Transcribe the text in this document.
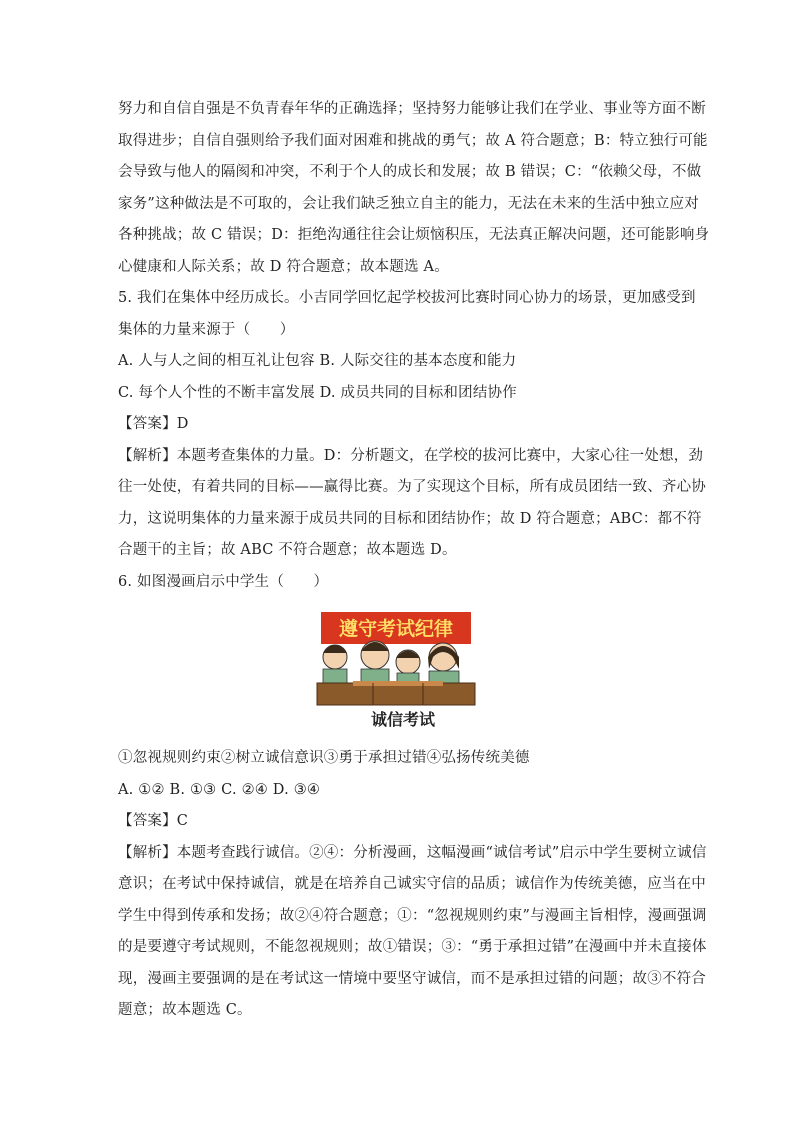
努力和自信自强是不负青春年华的正确选择；坚持努力能够让我们在学业、事业等方面不断
取得进步；自信自强则给予我们面对困难和挑战的勇气；故 A 符合题意；B：特立独行可能
会导致与他人的隔阂和冲突，不利于个人的成长和发展；故 B 错误；C：“依赖父母，不做
家务”这种做法是不可取的，会让我们缺乏独立自主的能力，无法在未来的生活中独立应对
各种挑战；故 C 错误；D：拒绝沟通往往会让烦恼积压，无法真正解决问题，还可能影响身
心健康和人际关系；故 D 符合题意；故本题选 A。
5. 我们在集体中经历成长。小吉同学回忆起学校拔河比赛时同心协力的场景，更加感受到
集体的力量来源于（　　）
A. 人与人之间的相互礼让包容 B. 人际交往的基本态度和能力
C. 每个人个性的不断丰富发展 D. 成员共同的目标和团结协作
【答案】D
【解析】本题考查集体的力量。D：分析题文，在学校的拔河比赛中，大家心往一处想，劲
往一处使，有着共同的目标——赢得比赛。为了实现这个目标，所有成员团结一致、齐心协
力，这说明集体的力量来源于成员共同的目标和团结协作；故 D 符合题意；ABC：都不符
合题干的主旨；故 ABC 不符合题意；故本题选 D。
6. 如图漫画启示中学生（　　）
遵守考试纪律
诚信考试
①忽视规则约束②树立诚信意识③勇于承担过错④弘扬传统美德
A. ①② B. ①③ C. ②④ D. ③④
【答案】C
【解析】本题考查践行诚信。②④：分析漫画，这幅漫画“诚信考试”启示中学生要树立诚信
意识；在考试中保持诚信，就是在培养自己诚实守信的品质；诚信作为传统美德，应当在中
学生中得到传承和发扬；故②④符合题意；①：“忽视规则约束”与漫画主旨相悖，漫画强调
的是要遵守考试规则，不能忽视规则；故①错误；③：“勇于承担过错”在漫画中并未直接体
现，漫画主要强调的是在考试这一情境中要坚守诚信，而不是承担过错的问题；故③不符合
题意；故本题选 C。
